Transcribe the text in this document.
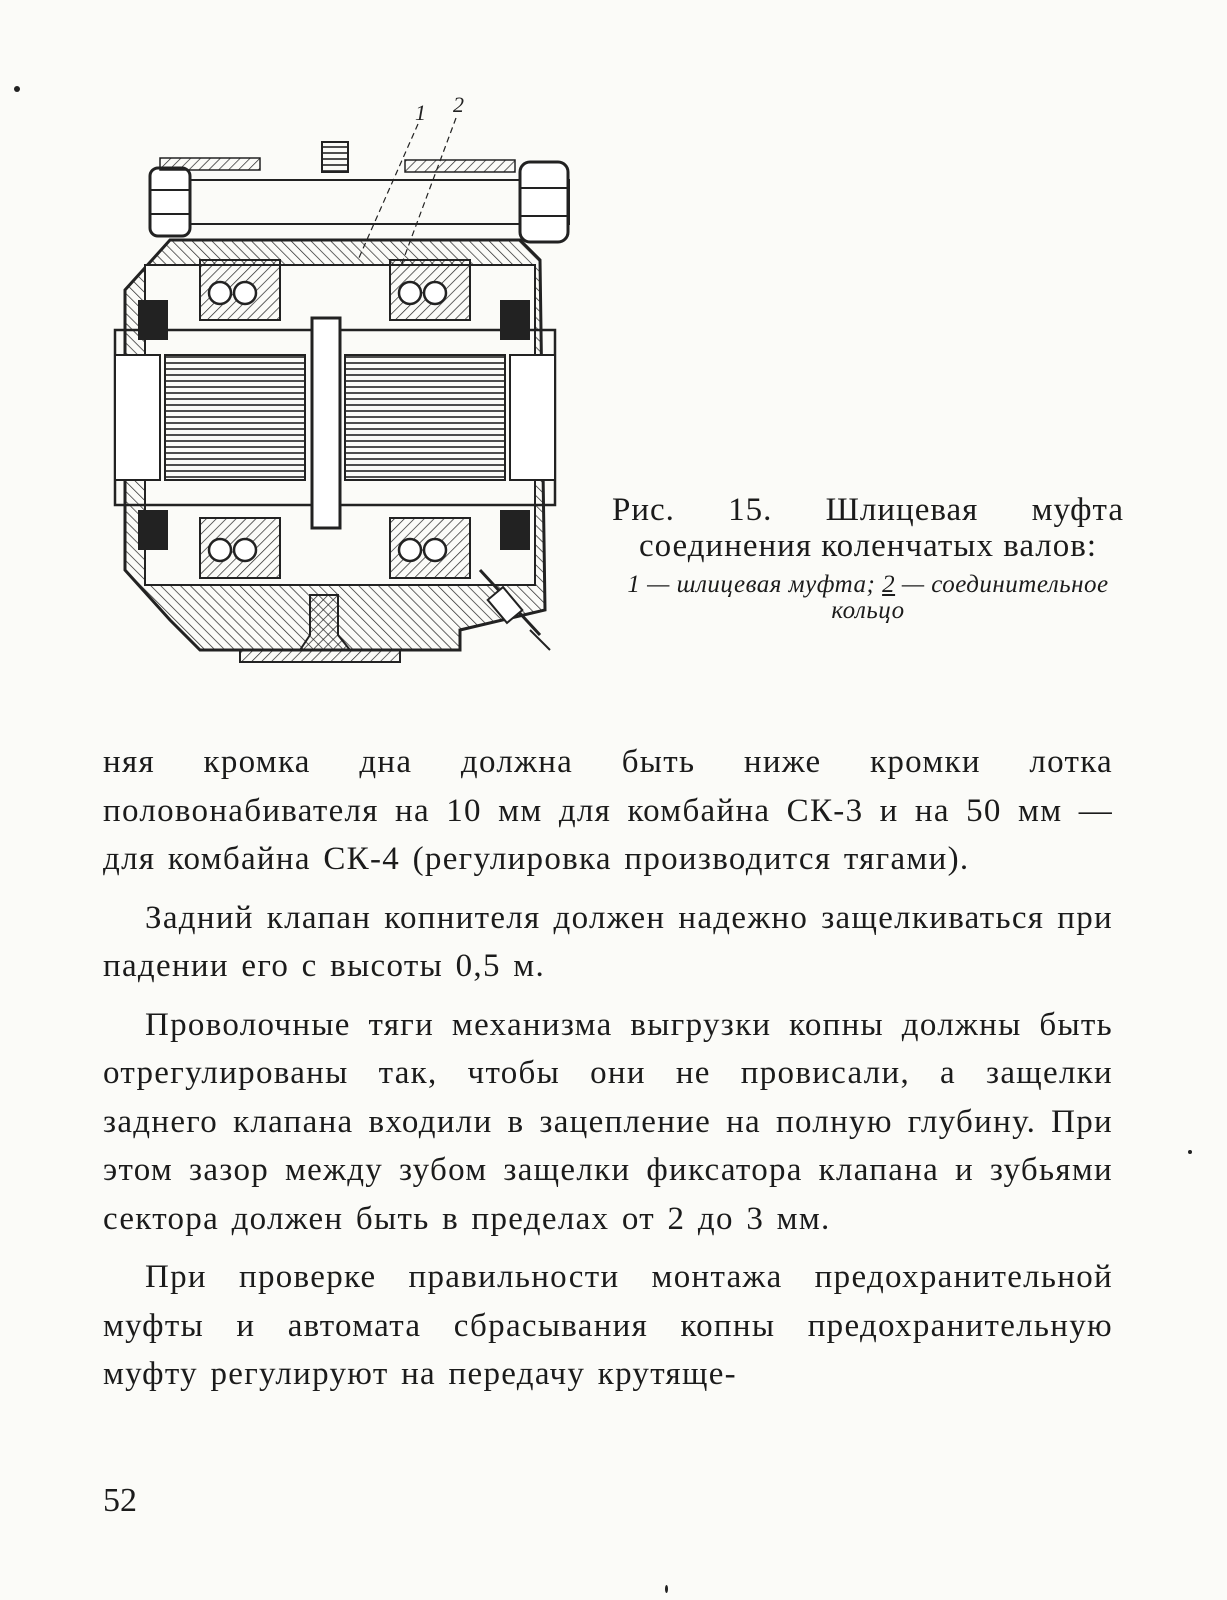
1 2
Рис. 15. Шлицевая муфта соединения коленчатых валов:
1 — шлицевая муфта; 2 — соединительное кольцо

няя кромка дна должна быть ниже кромки лотка половонабивателя на 10 мм для комбайна СК-3 и на 50 мм — для комбайна СК-4 (регулировка производится тягами).

Задний клапан копнителя должен надежно защелкиваться при падении его с высоты 0,5 м.

Проволочные тяги механизма выгрузки копны должны быть отрегулированы так, чтобы они не провисали, а защелки заднего клапана входили в зацепление на полную глубину. При этом зазор между зубом защелки фиксатора клапана и зубьями сектора должен быть в пределах от 2 до 3 мм.

При проверке правильности монтажа предохранительной муфты и автомата сбрасывания копны предохранительную муфту регулируют на передачу крутяще-

52
